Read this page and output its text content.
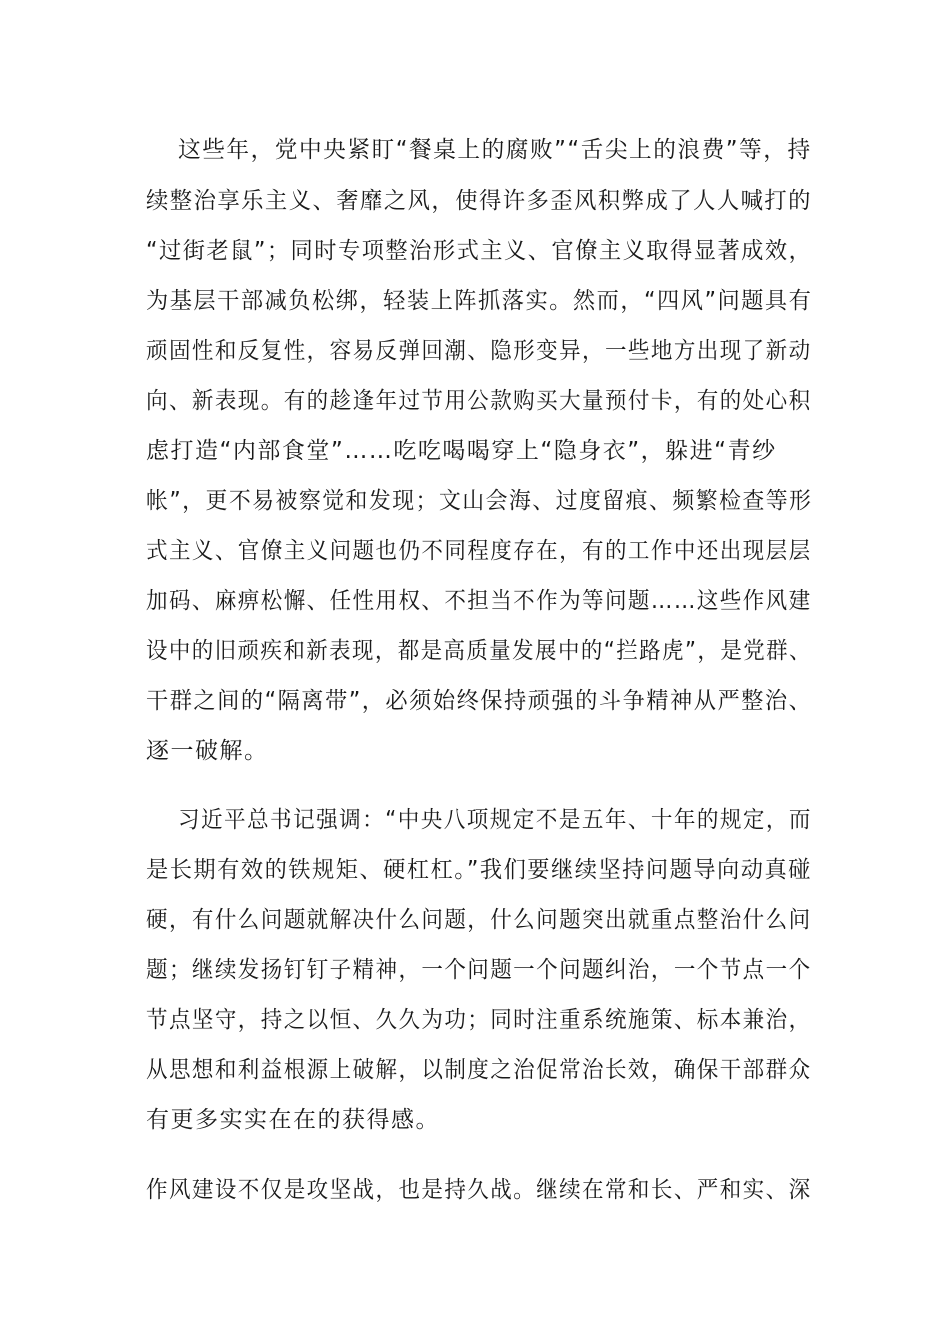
这些年，党中央紧盯“餐桌上的腐败”“舌尖上的浪费”等，持
续整治享乐主义、奢靡之风，使得许多歪风积弊成了人人喊打的
“过街老鼠”；同时专项整治形式主义、官僚主义取得显著成效，
为基层干部减负松绑，轻装上阵抓落实。然而，“四风”问题具有
顽固性和反复性，容易反弹回潮、隐形变异，一些地方出现了新动
向、新表现。有的趁逢年过节用公款购买大量预付卡，有的处心积
虑打造“内部食堂”……吃吃喝喝穿上“隐身衣”，躲进“青纱
帐”，更不易被察觉和发现；文山会海、过度留痕、频繁检查等形
式主义、官僚主义问题也仍不同程度存在，有的工作中还出现层层
加码、麻痹松懈、任性用权、不担当不作为等问题……这些作风建
设中的旧顽疾和新表现，都是高质量发展中的“拦路虎”，是党群、
干群之间的“隔离带”，必须始终保持顽强的斗争精神从严整治、
逐一破解。
习近平总书记强调：“中央八项规定不是五年、十年的规定，而
是长期有效的铁规矩、硬杠杠。”我们要继续坚持问题导向动真碰
硬，有什么问题就解决什么问题，什么问题突出就重点整治什么问
题；继续发扬钉钉子精神，一个问题一个问题纠治，一个节点一个
节点坚守，持之以恒、久久为功；同时注重系统施策、标本兼治，
从思想和利益根源上破解，以制度之治促常治长效，确保干部群众
有更多实实在在的获得感。
作风建设不仅是攻坚战，也是持久战。继续在常和长、严和实、深
